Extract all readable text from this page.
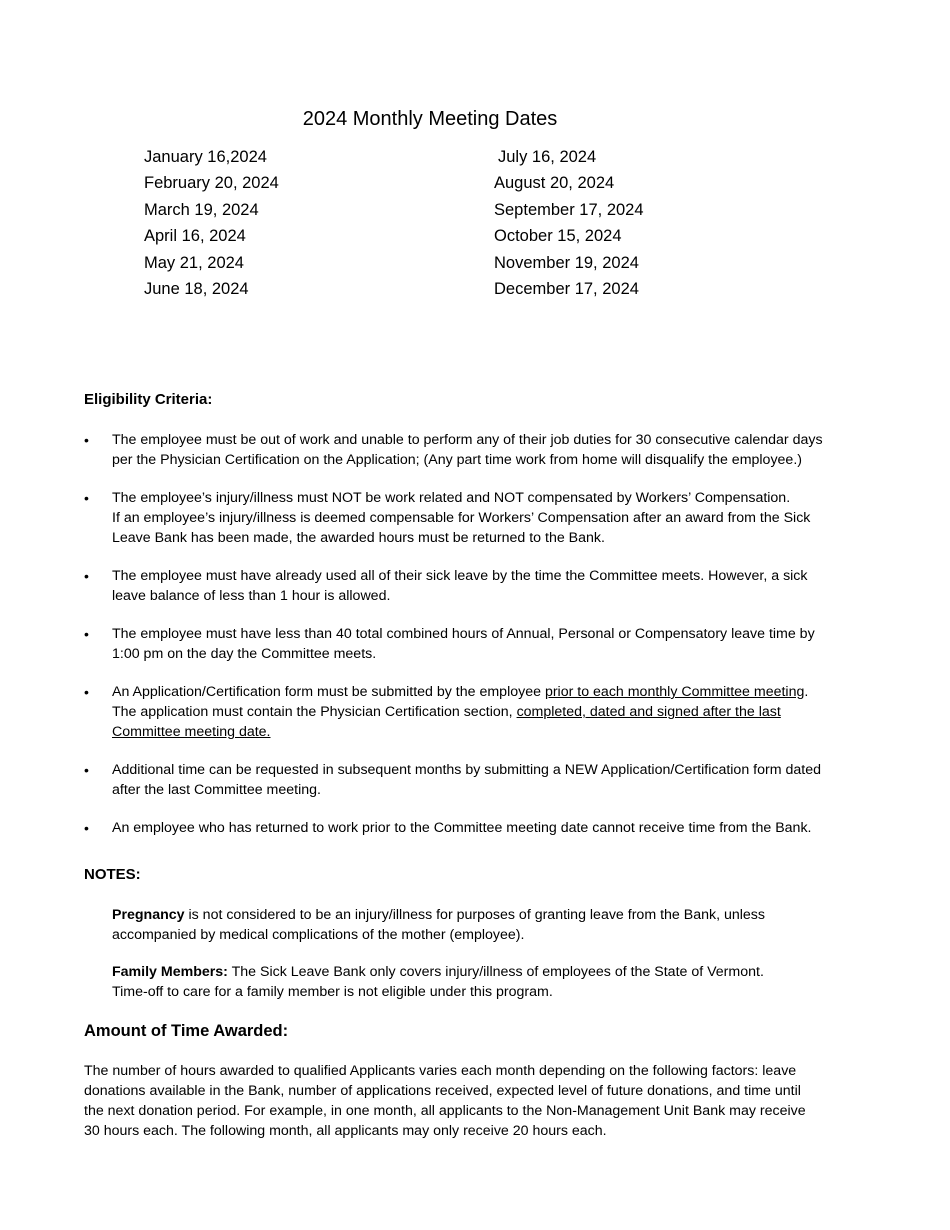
2024 Monthly Meeting Dates
January 16,2024
February 20, 2024
March 19, 2024
April 16, 2024
May 21, 2024
June 18, 2024
July 16, 2024
August 20, 2024
September 17, 2024
October 15, 2024
November 19, 2024
December 17, 2024
Eligibility Criteria:
• The employee must be out of work and unable to perform any of their job duties for 30 consecutive calendar days
per the Physician Certification on the Application; (Any part time work from home will disqualify the employee.)
• The employee’s injury/illness must NOT be work related and NOT compensated by Workers’ Compensation.
If an employee’s injury/illness is deemed compensable for Workers’ Compensation after an award from the Sick
Leave Bank has been made, the awarded hours must be returned to the Bank.
• The employee must have already used all of their sick leave by the time the Committee meets. However, a sick
leave balance of less than 1 hour is allowed.
• The employee must have less than 40 total combined hours of Annual, Personal or Compensatory leave time by
1:00 pm on the day the Committee meets.
• An Application/Certification form must be submitted by the employee prior to each monthly Committee meeting.
The application must contain the Physician Certification section, completed, dated and signed after the last
Committee meeting date.
• Additional time can be requested in subsequent months by submitting a NEW Application/Certification form dated
after the last Committee meeting.
• An employee who has returned to work prior to the Committee meeting date cannot receive time from the Bank.
NOTES:
Pregnancy is not considered to be an injury/illness for purposes of granting leave from the Bank, unless
accompanied by medical complications of the mother (employee).
Family Members: The Sick Leave Bank only covers injury/illness of employees of the State of Vermont.
Time-off to care for a family member is not eligible under this program.
Amount of Time Awarded:
The number of hours awarded to qualified Applicants varies each month depending on the following factors: leave
donations available in the Bank, number of applications received, expected level of future donations, and time until
the next donation period. For example, in one month, all applicants to the Non-Management Unit Bank may receive
30 hours each. The following month, all applicants may only receive 20 hours each.
